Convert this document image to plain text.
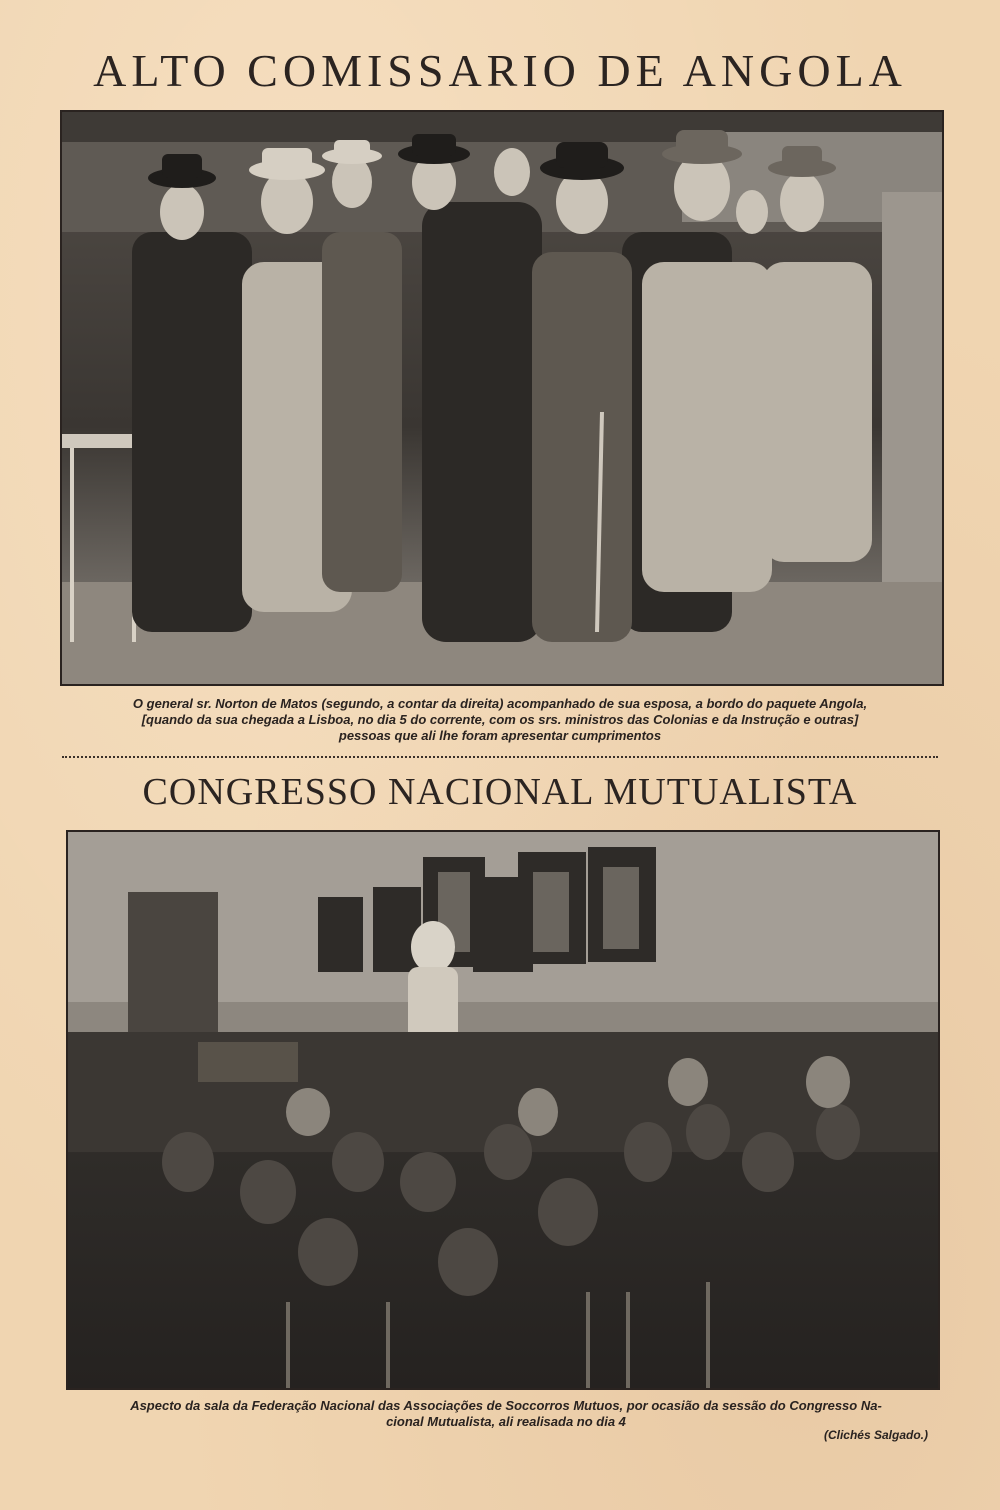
ALTO COMISSARIO DE ANGOLA
O general sr. Norton de Matos (segundo, a contar da direita) acompanhado de sua esposa, a bordo do paquete Angola,
[quando da sua chegada a Lisboa, no dia 5 do corrente, com os srs. ministros das Colonias e da Instrução e outras]
pessoas que ali lhe foram apresentar cumprimentos
CONGRESSO NACIONAL MUTUALISTA
Aspecto da sala da Federação Nacional das Associações de Soccorros Mutuos, por ocasião da sessão do Congresso Na-
cional Mutualista, ali realisada no dia 4
(Clichés Salgado.)
